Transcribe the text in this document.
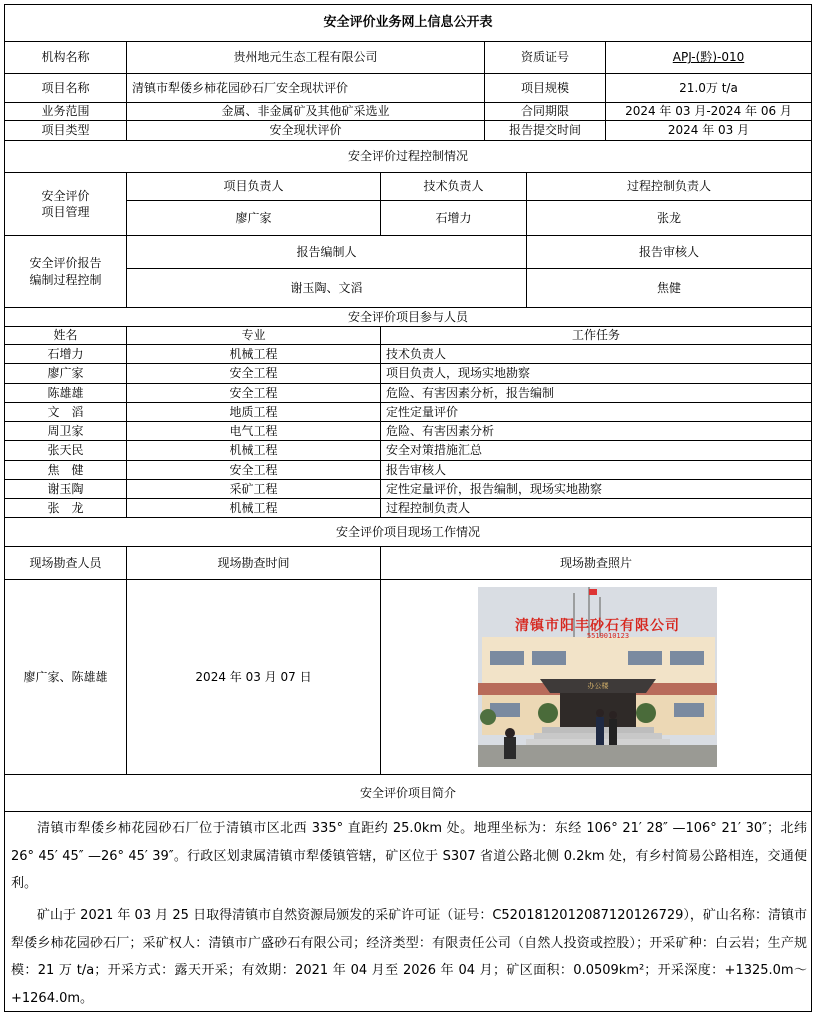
安全评价业务网上信息公开表
机构名称	贵州地元生态工程有限公司	资质证号	APJ-(黔)-010
项目名称	清镇市犁倭乡柿花园砂石厂安全现状评价	项目规模	21.0万 t/a
业务范围	金属、非金属矿及其他矿采选业	合同期限	2024 年 03 月-2024 年 06 月
项目类型	安全现状评价	报告提交时间	2024 年 03 月
安全评价过程控制情况
安全评价
项目管理
项目负责人	技术负责人	过程控制负责人
廖广家	石增力	张龙
安全评价报告
编制过程控制
报告编制人	报告审核人
谢玉陶、文滔	焦健
安全评价项目参与人员
姓名	专业	工作任务
石增力	机械工程	技术负责人
廖广家	安全工程	项目负责人，现场实地勘察
陈雄雄	安全工程	危险、有害因素分析，报告编制
文　滔	地质工程	定性定量评价
周卫家	电气工程	危险、有害因素分析
张天民	机械工程	安全对策措施汇总
焦　健	安全工程	报告审核人
谢玉陶	采矿工程	定性定量评价，报告编制，现场实地勘察
张　龙	机械工程	过程控制负责人
安全评价项目现场工作情况
现场勘查人员	现场勘查时间	现场勘查照片
廖广家、陈雄雄	2024 年 03 月 07 日
清镇市阳丰砂石有限公司
5519010123
办公楼
安全评价项目简介

清镇市犁倭乡柿花园砂石厂位于清镇市区北西 335° 直距约 25.0km 处。地理坐标为：东经 106° 21′ 28″ —106° 21′ 30″；北纬 26° 45′ 45″ —26° 45′ 39″。行政区划隶属清镇市犁倭镇管辖，矿区位于 S307 省道公路北侧 0.2km 处，有乡村简易公路相连，交通便利。

矿山于 2021 年 03 月 25 日取得清镇市自然资源局颁发的采矿许可证（证号：C5201812012087120126729），矿山名称：清镇市犁倭乡柿花园砂石厂；采矿权人：清镇市广盛砂石有限公司；经济类型：有限责任公司（自然人投资或控股）；开采矿种：白云岩；生产规模：21 万 t/a；开采方式：露天开采；有效期：2021 年 04 月至 2026 年 04 月；矿区面积：0.0509km²；开采深度：+1325.0m～+1264.0m。
